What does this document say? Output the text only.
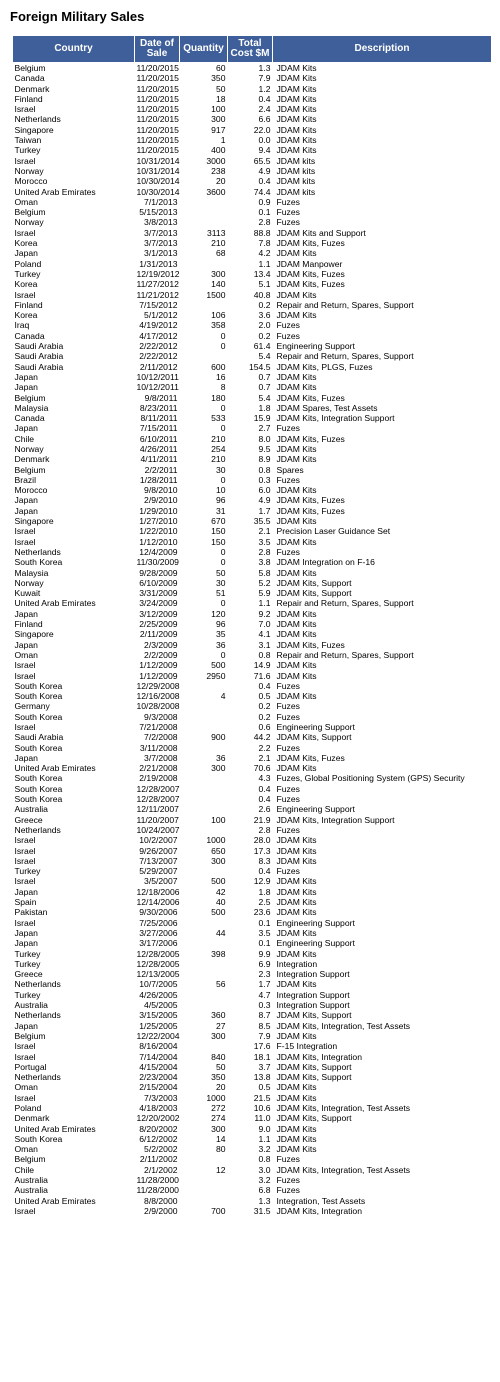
Foreign Military Sales
Country	Date of Sale	Quantity	Total Cost $M	Description
Belgium	11/20/2015	60	1.3	JDAM Kits
Canada	11/20/2015	350	7.9	JDAM Kits
Denmark	11/20/2015	50	1.2	JDAM Kits
Finland	11/20/2015	18	0.4	JDAM Kits
Israel	11/20/2015	100	2.4	JDAM Kits
Netherlands	11/20/2015	300	6.6	JDAM Kits
Singapore	11/20/2015	917	22.0	JDAM Kits
Taiwan	11/20/2015	1	0.0	JDAM Kits
Turkey	11/20/2015	400	9.4	JDAM Kits
Israel	10/31/2014	3000	65.5	JDAM kits
Norway	10/31/2014	238	4.9	JDAM kits
Morocco	10/30/2014	20	0.4	JDAM kits
United Arab Emirates	10/30/2014	3600	74.4	JDAM kits
Oman	7/1/2013		0.9	Fuzes
Belgium	5/15/2013		0.1	Fuzes
Norway	3/8/2013		2.8	Fuzes
Israel	3/7/2013	3113	88.8	JDAM Kits and Support
Korea	3/7/2013	210	7.8	JDAM Kits, Fuzes
Japan	3/1/2013	68	4.2	JDAM Kits
Poland	1/31/2013		1.1	JDAM Manpower
Turkey	12/19/2012	300	13.4	JDAM Kits, Fuzes
Korea	11/27/2012	140	5.1	JDAM Kits, Fuzes
Israel	11/21/2012	1500	40.8	JDAM Kits
Finland	7/15/2012		0.2	Repair and Return, Spares, Support
Korea	5/1/2012	106	3.6	JDAM Kits
Iraq	4/19/2012	358	2.0	Fuzes
Canada	4/17/2012	0	0.2	Fuzes
Saudi Arabia	2/22/2012	0	61.4	Engineering Support
Saudi Arabia	2/22/2012		5.4	Repair and Return, Spares, Support
Saudi Arabia	2/11/2012	600	154.5	JDAM Kits, PLGS, Fuzes
Japan	10/12/2011	16	0.7	JDAM Kits
Japan	10/12/2011	8	0.7	JDAM Kits
Belgium	9/8/2011	180	5.4	JDAM Kits, Fuzes
Malaysia	8/23/2011	0	1.8	JDAM Spares, Test Assets
Canada	8/11/2011	533	15.9	JDAM Kits, Integration Support
Japan	7/15/2011	0	2.7	Fuzes
Chile	6/10/2011	210	8.0	JDAM Kits, Fuzes
Norway	4/26/2011	254	9.5	JDAM Kits
Denmark	4/11/2011	210	8.9	JDAM Kits
Belgium	2/2/2011	30	0.8	Spares
Brazil	1/28/2011	0	0.3	Fuzes
Morocco	9/8/2010	10	6.0	JDAM Kits
Japan	2/9/2010	96	4.9	JDAM Kits, Fuzes
Japan	1/29/2010	31	1.7	JDAM Kits, Fuzes
Singapore	1/27/2010	670	35.5	JDAM Kits
Israel	1/22/2010	150	2.1	Precision Laser Guidance Set
Israel	1/12/2010	150	3.5	JDAM Kits
Netherlands	12/4/2009	0	2.8	Fuzes
South Korea	11/30/2009	0	3.8	JDAM Integration on F-16
Malaysia	9/28/2009	50	5.8	JDAM Kits
Norway	6/10/2009	30	5.2	JDAM Kits, Support
Kuwait	3/31/2009	51	5.9	JDAM Kits, Support
United Arab Emirates	3/24/2009	0	1.1	Repair and Return, Spares, Support
Japan	3/12/2009	120	9.2	JDAM Kits
Finland	2/25/2009	96	7.0	JDAM Kits
Singapore	2/11/2009	35	4.1	JDAM Kits
Japan	2/3/2009	36	3.1	JDAM Kits, Fuzes
Oman	2/2/2009	0	0.8	Repair and Return, Spares, Support
Israel	1/12/2009	500	14.9	JDAM Kits
Israel	1/12/2009	2950	71.6	JDAM Kits
South Korea	12/29/2008		0.4	Fuzes
South Korea	12/16/2008	4	0.5	JDAM Kits
Germany	10/28/2008		0.2	Fuzes
South Korea	9/3/2008		0.2	Fuzes
Israel	7/21/2008		0.6	Engineering Support
Saudi Arabia	7/2/2008	900	44.2	JDAM Kits, Support
South Korea	3/11/2008		2.2	Fuzes
Japan	3/7/2008	36	2.1	JDAM Kits, Fuzes
United Arab Emirates	2/21/2008	300	70.6	JDAM Kits
South Korea	2/19/2008		4.3	Fuzes, Global Positioning System (GPS) Security
South Korea	12/28/2007		0.4	Fuzes
South Korea	12/28/2007		0.4	Fuzes
Australia	12/11/2007		2.6	Engineering Support
Greece	11/20/2007	100	21.9	JDAM Kits, Integration Support
Netherlands	10/24/2007		2.8	Fuzes
Israel	10/2/2007	1000	28.0	JDAM Kits
Israel	9/26/2007	650	17.3	JDAM Kits
Israel	7/13/2007	300	8.3	JDAM Kits
Turkey	5/29/2007		0.4	Fuzes
Israel	3/5/2007	500	12.9	JDAM Kits
Japan	12/18/2006	42	1.8	JDAM Kits
Spain	12/14/2006	40	2.5	JDAM Kits
Pakistan	9/30/2006	500	23.6	JDAM Kits
Israel	7/25/2006		0.1	Engineering Support
Japan	3/27/2006	44	3.5	JDAM Kits
Japan	3/17/2006		0.1	Engineering Support
Turkey	12/28/2005	398	9.9	JDAM Kits
Turkey	12/28/2005		6.9	Integration
Greece	12/13/2005		2.3	Integration Support
Netherlands	10/7/2005	56	1.7	JDAM Kits
Turkey	4/26/2005		4.7	Integration Support
Australia	4/5/2005		0.3	Integration Support
Netherlands	3/15/2005	360	8.7	JDAM Kits, Support
Japan	1/25/2005	27	8.5	JDAM Kits, Integration, Test Assets
Belgium	12/22/2004	300	7.9	JDAM Kits
Israel	8/16/2004		17.6	F-15 Integration
Israel	7/14/2004	840	18.1	JDAM Kits, Integration
Portugal	4/15/2004	50	3.7	JDAM Kits, Support
Netherlands	2/23/2004	350	13.8	JDAM Kits, Support
Oman	2/15/2004	20	0.5	JDAM Kits
Israel	7/3/2003	1000	21.5	JDAM Kits
Poland	4/18/2003	272	10.6	JDAM Kits, Integration, Test Assets
Denmark	12/20/2002	274	11.0	JDAM Kits, Support
United Arab Emirates	8/20/2002	300	9.0	JDAM Kits
South Korea	6/12/2002	14	1.1	JDAM Kits
Oman	5/2/2002	80	3.2	JDAM Kits
Belgium	2/11/2002		0.8	Fuzes
Chile	2/1/2002	12	3.0	JDAM Kits, Integration, Test Assets
Australia	11/28/2000		3.2	Fuzes
Australia	11/28/2000		6.8	Fuzes
United Arab Emirates	8/8/2000		1.3	Integration, Test Assets
Israel	2/9/2000	700	31.5	JDAM Kits, Integration
